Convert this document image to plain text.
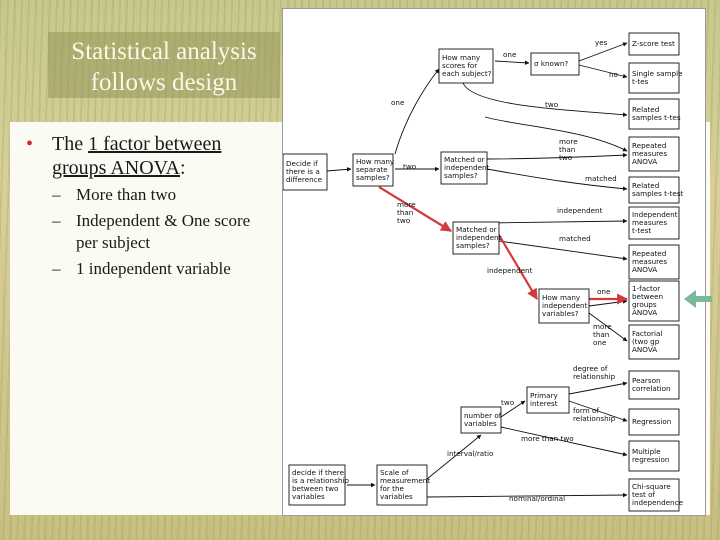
Statistical analysis
follows design
• The 1 factor between groups ANOVA:
– More than two
– Independent & One score per subject
– 1 independent variable
How many
scores for
each subject?
σ known?
Z-score test
Single sample
t-tes
Related
samples t-tes
Repeated
measures
ANOVA
Decide if
there is a
difference
How many
separate
samples?
Matched or
independent
samples?
Related
samples t-test
Independent
measures
t-test
Matched or
independent
samples?
Repeated
measures
ANOVA
How many
independent
variables?
1-factor
between
groups
ANOVA
Factorial
(two gp
ANOVA
Pearson
correlation
Primary
interest
Regression
number of
variables
Multiple
regression
decide if there
is a relationship
between two
variables
Scale of
measurement
for the
variables
Chi-square
test of
independence
yes
one
no
one	two
more
than
two
two
matched
more
than
two
independent
matched
independent
one
more
than
one
degree of
relationship
two
form of
relationship
more than two
interval/ratio
nominal/ordinal
